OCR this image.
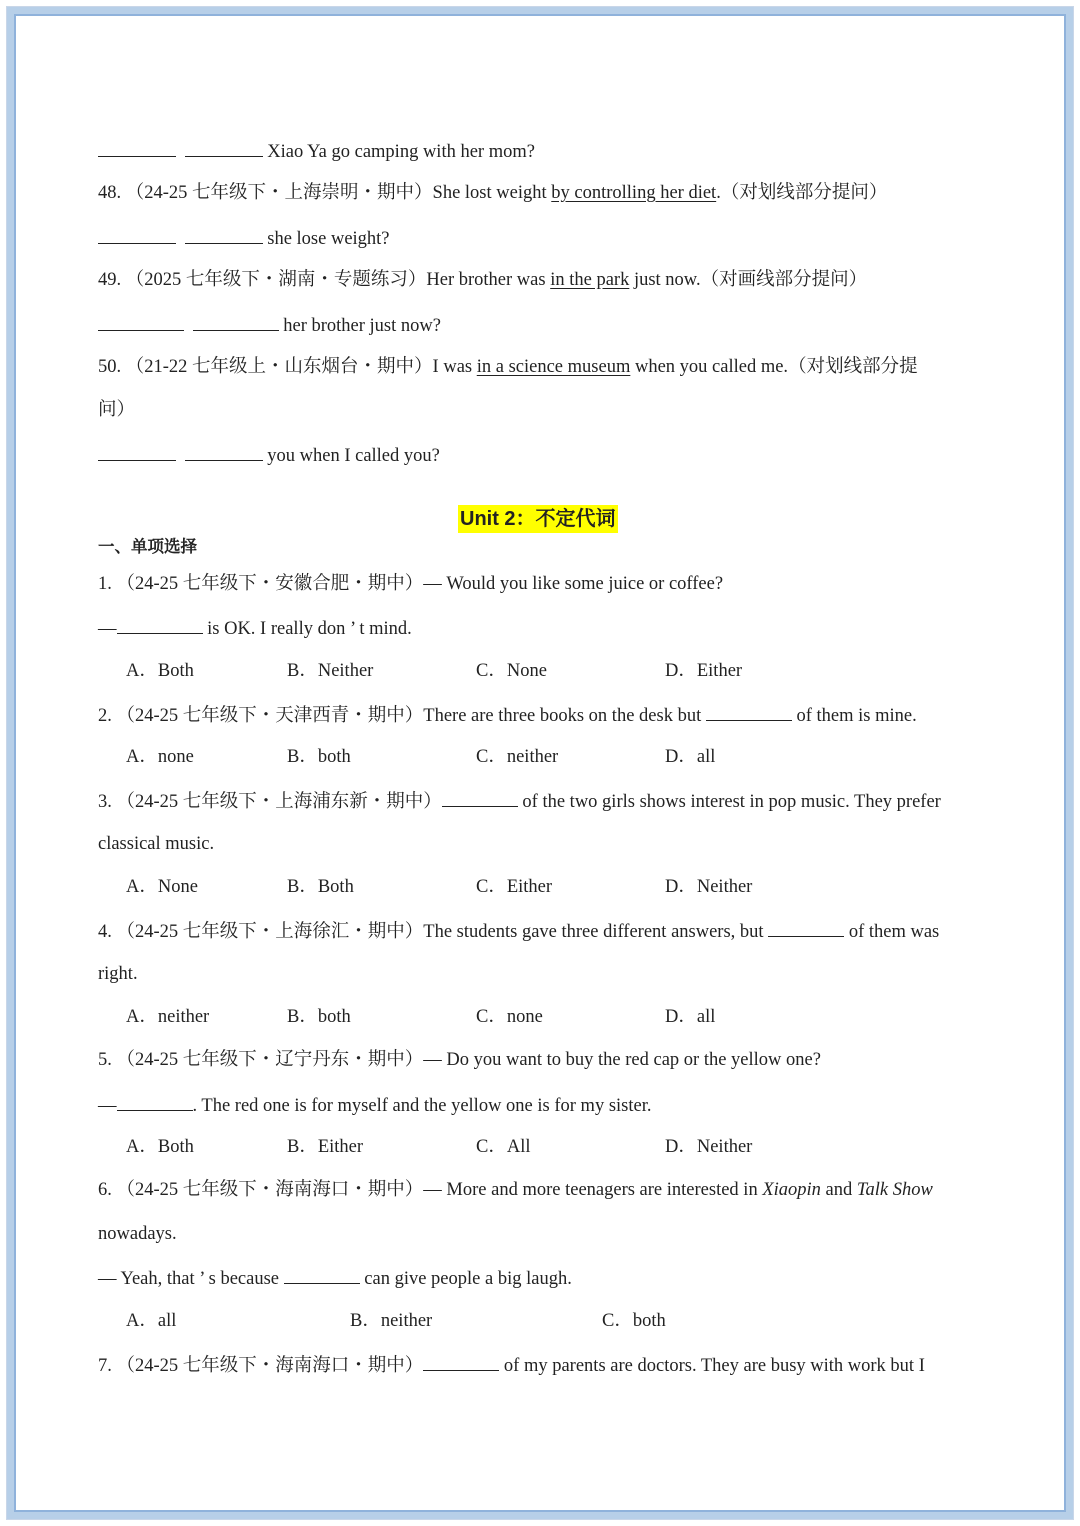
Xiao Ya go camping with her mom?
48. （24-25 七年级下・上海崇明・期中）She lost weight by controlling her diet.（对划线部分提问）
she lose weight?
49. （2025 七年级下・湖南・专题练习）Her brother was in the park just now.（对画线部分提问）
her brother just now?
50. （21-22 七年级上・山东烟台・期中）I was in a science museum when you called me.（对划线部分提
问）
you when I called you?
Unit 2：不定代词
一、单项选择
1. （24-25 七年级下・安徽合肥・期中）— Would you like some juice or coffee?
—	is OK. I really don ’ t mind.
A．Both	B．Neither	C．None	D．Either
2. （24-25 七年级下・天津西青・期中）There are three books on the desk but	of them is mine.
A．none	B．both	C．neither	D．all
3. （24-25 七年级下・上海浦东新・期中）	of the two girls shows interest in pop music. They prefer
classical music.
A．None	B．Both	C．Either	D．Neither
4. （24-25 七年级下・上海徐汇・期中）The students gave three different answers, but	of them was
right.
A．neither	B．both	C．none	D．all
5. （24-25 七年级下・辽宁丹东・期中）— Do you want to buy the red cap or the yellow one?
—	. The red one is for myself and the yellow one is for my sister.
A．Both	B．Either	C．All	D．Neither
6. （24-25 七年级下・海南海口・期中）— More and more teenagers are interested in Xiaopin and Talk Show
nowadays.
— Yeah, that ’ s because	can give people a big laugh.
A．all	B．neither	C．both
7. （24-25 七年级下・海南海口・期中）	of my parents are doctors. They are busy with work but I
